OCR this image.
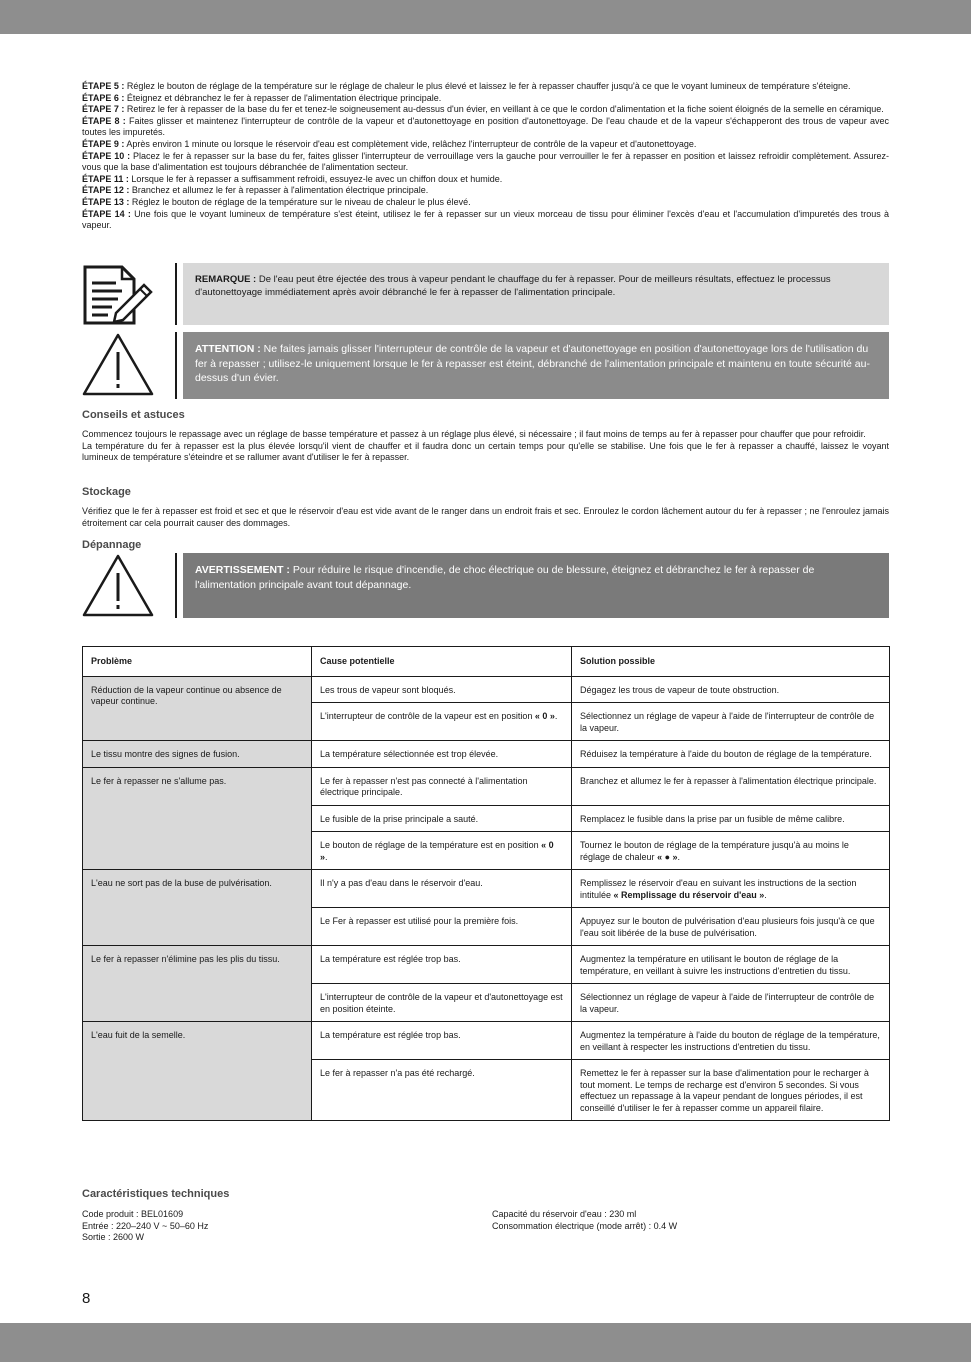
ÉTAPE 5 : Réglez le bouton de réglage de la température sur le réglage de chaleur le plus élevé et laissez le fer à repasser chauffer jusqu'à ce que le voyant lumineux de température s'éteigne.

ÉTAPE 6 : Éteignez et débranchez le fer à repasser de l'alimentation électrique principale.

ÉTAPE 7 : Retirez le fer à repasser de la base du fer et tenez-le soigneusement au-dessus d'un évier, en veillant à ce que le cordon d'alimentation et la fiche soient éloignés de la semelle en céramique.

ÉTAPE 8 : Faites glisser et maintenez l'interrupteur de contrôle de la vapeur et d'autonettoyage en position d'autonettoyage. De l'eau chaude et de la vapeur s'échapperont des trous de vapeur avec toutes les impuretés.

ÉTAPE 9 : Après environ 1 minute ou lorsque le réservoir d'eau est complètement vide, relâchez l'interrupteur de contrôle de la vapeur et d'autonettoyage.

ÉTAPE 10 : Placez le fer à repasser sur la base du fer, faites glisser l'interrupteur de verrouillage vers la gauche pour verrouiller le fer à repasser en position et laissez refroidir complètement. Assurez-vous que la base d'alimentation est toujours débranchée de l'alimentation secteur.

ÉTAPE 11 : Lorsque le fer à repasser a suffisamment refroidi, essuyez-le avec un chiffon doux et humide.

ÉTAPE 12 : Branchez et allumez le fer à repasser à l'alimentation électrique principale.

ÉTAPE 13 : Réglez le bouton de réglage de la température sur le niveau de chaleur le plus élevé.

ÉTAPE 14 : Une fois que le voyant lumineux de température s'est éteint, utilisez le fer à repasser sur un vieux morceau de tissu pour éliminer l'excès d'eau et l'accumulation d'impuretés des trous à vapeur.

REMARQUE : De l'eau peut être éjectée des trous à vapeur pendant le chauffage du fer à repasser. Pour de meilleurs résultats, effectuez le processus d'autonettoyage immédiatement après avoir débranché le fer à repasser de l'alimentation principale.
ATTENTION : Ne faites jamais glisser l'interrupteur de contrôle de la vapeur et d'autonettoyage en position d'autonettoyage lors de l'utilisation du fer à repasser ; utilisez-le uniquement lorsque le fer à repasser est éteint, débranché de l'alimentation principale et maintenu en toute sécurité au-dessus d'un évier.
Conseils et astuces

Commencez toujours le repassage avec un réglage de basse température et passez à un réglage plus élevé, si nécessaire ; il faut moins de temps au fer à repasser pour chauffer que pour refroidir.

La température du fer à repasser est la plus élevée lorsqu'il vient de chauffer et il faudra donc un certain temps pour qu'elle se stabilise. Une fois que le fer à repasser a chauffé, laissez le voyant lumineux de température s'éteindre et se rallumer avant d'utiliser le fer à repasser.

Stockage

Vérifiez que le fer à repasser est froid et sec et que le réservoir d'eau est vide avant de le ranger dans un endroit frais et sec. Enroulez le cordon lâchement autour du fer à repasser ; ne l'enroulez jamais étroitement car cela pourrait causer des dommages.

Dépannage
AVERTISSEMENT : Pour réduire le risque d'incendie, de choc électrique ou de blessure, éteignez et débranchez le fer à repasser de l'alimentation principale avant tout dépannage.
Problème	Cause potentielle	Solution possible
Réduction de la vapeur continue ou absence de vapeur continue.	Les trous de vapeur sont bloqués.	Dégagez les trous de vapeur de toute obstruction.
	L'interrupteur de contrôle de la vapeur est en position « 0 ».	Sélectionnez un réglage de vapeur à l'aide de l'interrupteur de contrôle de la vapeur.
Le tissu montre des signes de fusion.	La température sélectionnée est trop élevée.	Réduisez la température à l'aide du bouton de réglage de la température.
Le fer à repasser ne s'allume pas.	Le fer à repasser n'est pas connecté à l'alimentation électrique principale.	Branchez et allumez le fer à repasser à l'alimentation électrique principale.
	Le fusible de la prise principale a sauté.	Remplacez le fusible dans la prise par un fusible de même calibre.
	Le bouton de réglage de la température est en position « 0 ».	Tournez le bouton de réglage de la température jusqu'à au moins le réglage de chaleur « ● ».
L'eau ne sort pas de la buse de pulvérisation.	Il n'y a pas d'eau dans le réservoir d'eau.	Remplissez le réservoir d'eau en suivant les instructions de la section intitulée « Remplissage du réservoir d'eau ».
	Le Fer à repasser est utilisé pour la première fois.	Appuyez sur le bouton de pulvérisation d'eau plusieurs fois jusqu'à ce que l'eau soit libérée de la buse de pulvérisation.
Le fer à repasser n'élimine pas les plis du tissu.	La température est réglée trop bas.	Augmentez la température en utilisant le bouton de réglage de la température, en veillant à suivre les instructions d'entretien du tissu.
	L'interrupteur de contrôle de la vapeur et d'autonettoyage est en position éteinte.	Sélectionnez un réglage de vapeur à l'aide de l'interrupteur de contrôle de la vapeur.
L'eau fuit de la semelle.	La température est réglée trop bas.	Augmentez la température à l'aide du bouton de réglage de la température, en veillant à respecter les instructions d'entretien du tissu.
	Le fer à repasser n'a pas été rechargé.	Remettez le fer à repasser sur la base d'alimentation pour le recharger à tout moment. Le temps de recharge est d'environ 5 secondes. Si vous effectuez un repassage à la vapeur pendant de longues périodes, il est conseillé d'utiliser le fer à repasser comme un appareil filaire.
Caractéristiques techniques

Code produit : BEL01609

Entrée : 220–240 V ~ 50–60 Hz

Sortie : 2600 W

Capacité du réservoir d'eau : 230 ml

Consommation électrique (mode arrêt) : 0.4 W

8
